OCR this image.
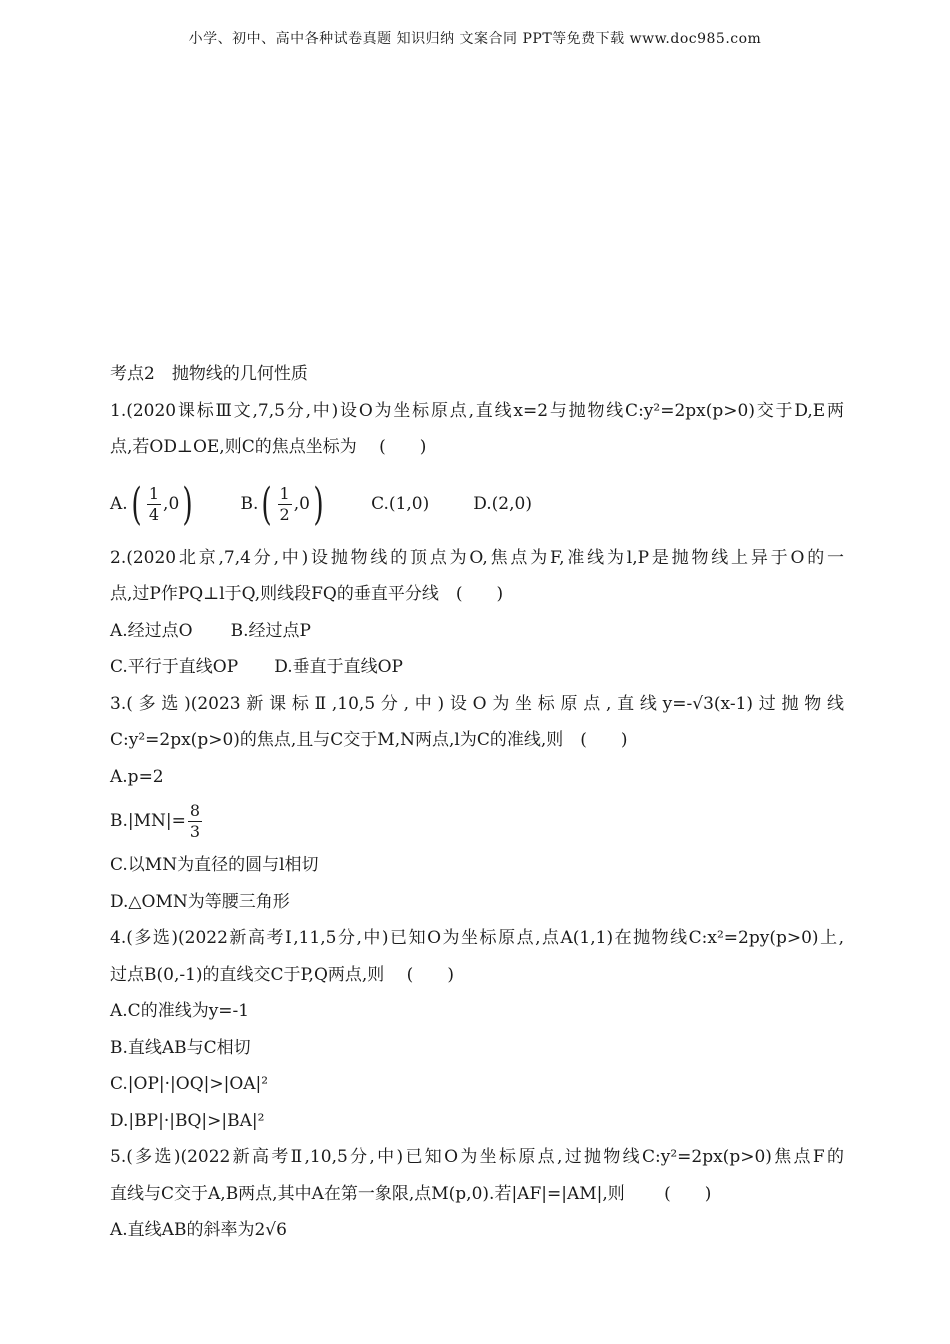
小学、初中、高中各种试卷真题 知识归纳 文案合同 PPT等免费下载 www.doc985.com
考点2　抛物线的几何性质
1.(2020课标Ⅲ文,7,5分,中)设O为坐标原点,直线x=2与抛物线C:y²=2px(p>0)交于D,E两
点,若OD⊥OE,则C的焦点坐标为　 (　　)
A. ( $\frac{1}{4} ,0$ )	B. ( $\frac{1}{2} ,0$ )	C.(1,0)	D.(2,0)
2.(2020北京,7,4分,中)设抛物线的顶点为O,焦点为F,准线为l,P是抛物线上异于O的一
点,过P作PQ⊥l于Q,则线段FQ的垂直平分线　(　　)
A.经过点O B.经过点P
C.平行于直线OP D.垂直于直线OP
3.(多选)(2023新课标Ⅱ,10,5分,中)设O为坐标原点,直线y=-√3(x-1)过抛物线
C:y²=2px(p>0)的焦点,且与C交于M,N两点,l为C的准线,则　(　　)
A.p=2
$B.|MN|= \frac{8}{3}$
C.以MN为直径的圆与l相切
D.△OMN为等腰三角形
4.(多选)(2022新高考Ⅰ,11,5分,中)已知O为坐标原点,点A(1,1)在抛物线C:x²=2py(p>0)上,
过点B(0,-1)的直线交C于P,Q两点,则　 (　　)
A.C的准线为y=-1
B.直线AB与C相切
C.|OP|·|OQ|>|OA|²
D.|BP|·|BQ|>|BA|²
5.(多选)(2022新高考Ⅱ,10,5分,中)已知O为坐标原点,过抛物线C:y²=2px(p>0)焦点F的
直线与C交于A,B两点,其中A在第一象限,点M(p,0).若|AF|=|AM|,则　　 (　　)
A.直线AB的斜率为2√6
